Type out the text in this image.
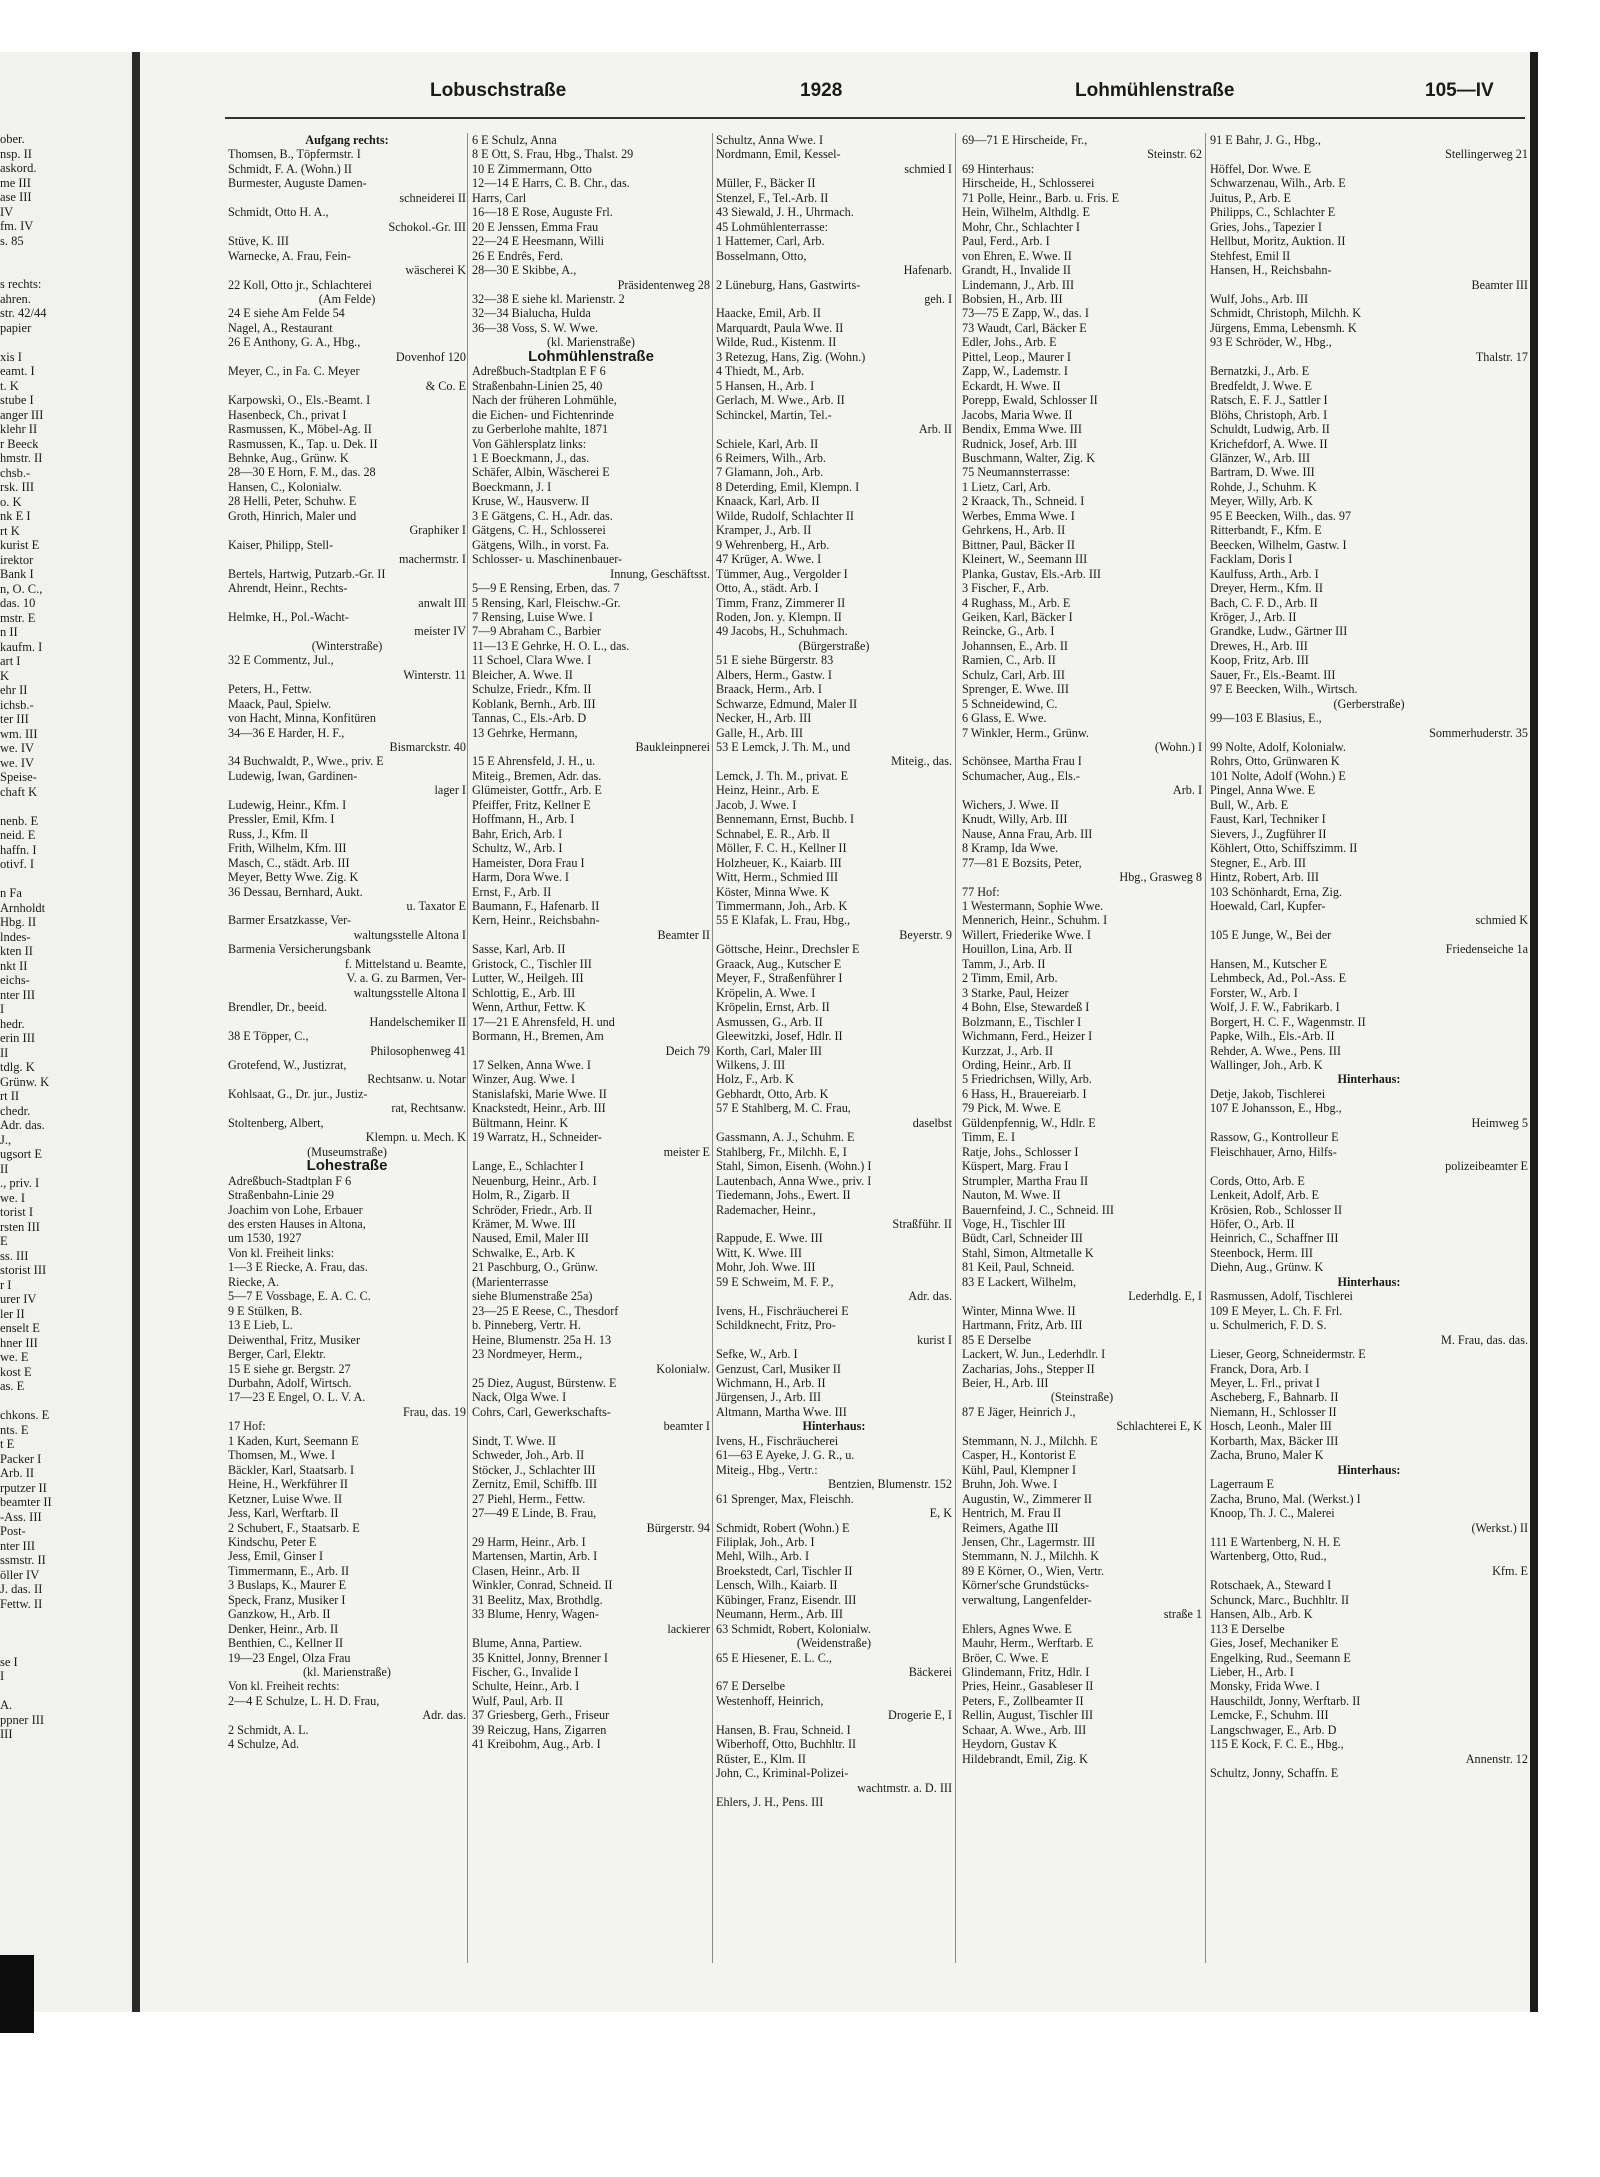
ober.
nsp. II
askord.
me III
ase III
IV
fm. IV
s. 85
s rechts:
ahren.
str. 42/44
papier
xis I
eamt. I
t. K
stube I
anger III
klehr II
r Beeck
hmstr. II
chsb.-
rsk. III
o. K
nk E I
rt K
kurist E
irektor
Bank I
n, O. C.,
das. 10
mstr. E
n II
kaufm. I
art I
K
ehr II
ichsb.-
ter III
wm. III
we. IV
we. IV
Speise-
chaft K
nenb. E
neid. E
haffn. I
otivf. I
n Fa
Arnholdt
Hbg. II
lndes-
kten II
nkt II
eichs-
nter III
I
hedr.
erin III
II
tdlg. K
Grünw. K
rt II
chedr.
Adr. das.
J.,
ugsort E
II
., priv. I
we. I
torist I
rsten III
E
ss. III
storist III
r I
urer IV
ler II
enselt E
hner III
we. E
kost E
as. E
chkons. E
nts. E
t E
Packer I
Arb. II
rputzer II
beamter II
-Ass. III
Post-
nter III
ssmstr. II
öller IV
J. das. II
Fettw. II
se I
I
A.
ppner III
III
Lobuschstraße	1928	Lohmühlenstraße	105—IV
Aufgang rechts:
Thomsen, B., Töpfermstr. I
Schmidt, F. A. (Wohn.) II
Burmester, Auguste Damen-
schneiderei II
Schmidt, Otto H. A.,
Schokol.-Gr. III
Stüve, K. III
Warnecke, A. Frau, Fein-
wäscherei K
22 Koll, Otto jr., Schlachterei
(Am Felde)
24 E siehe Am Felde 54
Nagel, A., Restaurant
26 E Anthony, G. A., Hbg.,
Dovenhof 120
Meyer, C., in Fa. C. Meyer
& Co. E
Karpowski, O., Els.-Beamt. I
Hasenbeck, Ch., privat I
Rasmussen, K., Möbel-Ag. II
Rasmussen, K., Tap. u. Dek. II
Behnke, Aug., Grünw. K
28—30 E Horn, F. M., das. 28
Hansen, C., Kolonialw.
28 Helli, Peter, Schuhw. E
Groth, Hinrich, Maler und
Graphiker I
Kaiser, Philipp, Stell-
machermstr. I
Bertels, Hartwig, Putzarb.-Gr. II
Ahrendt, Heinr., Rechts-
anwalt III
Helmke, H., Pol.-Wacht-
meister IV
(Winterstraße)
32 E Commentz, Jul.,
Winterstr. 11
Peters, H., Fettw.
Maack, Paul, Spielw.
von Hacht, Minna, Konfitüren
34—36 E Harder, H. F.,
Bismarckstr. 40
34 Buchwaldt, P., Wwe., priv. E
Ludewig, Iwan, Gardinen-
lager I
Ludewig, Heinr., Kfm. I
Pressler, Emil, Kfm. I
Russ, J., Kfm. II
Frith, Wilhelm, Kfm. III
Masch, C., städt. Arb. III
Meyer, Betty Wwe. Zig. K
36 Dessau, Bernhard, Aukt.
u. Taxator E
Barmer Ersatzkasse, Ver-
waltungsstelle Altona I
Barmenia Versicherungsbank
f. Mittelstand u. Beamte,
V. a. G. zu Barmen, Ver-
waltungsstelle Altona I
Brendler, Dr., beeid.
Handelschemiker II
38 E Töpper, C.,
Philosophenweg 41
Grotefend, W., Justizrat,
Rechtsanw. u. Notar
Kohlsaat, G., Dr. jur., Justiz-
rat, Rechtsanw.
Stoltenberg, Albert,
Klempn. u. Mech. K
(Museumstraße)
Lohestraße
Adreßbuch-Stadtplan F 6
Straßenbahn-Linie 29
Joachim von Lohe, Erbauer
des ersten Hauses in Altona,
um 1530, 1927
Von kl. Freiheit links:
1—3 E Riecke, A. Frau, das.
Riecke, A.
5—7 E Vossbage, E. A. C. C.
9 E Stülken, B.
13 E Lieb, L.
Deiwenthal, Fritz, Musiker
Berger, Carl, Elektr.
15 E siehe gr. Bergstr. 27
Durbahn, Adolf, Wirtsch.
17—23 E Engel, O. L. V. A.
Frau, das. 19
17 Hof:
1 Kaden, Kurt, Seemann E
Thomsen, M., Wwe. I
Bäckler, Karl, Staatsarb. I
Heine, H., Werkführer II
Ketzner, Luise Wwe. II
Jess, Karl, Werftarb. II
2 Schubert, F., Staatsarb. E
Kindschu, Peter E
Jess, Emil, Ginser I
Timmermann, E., Arb. II
3 Buslaps, K., Maurer E
Speck, Franz, Musiker I
Ganzkow, H., Arb. II
Denker, Heinr., Arb. II
Benthien, C., Kellner II
19—23 Engel, Olza Frau
(kl. Marienstraße)
Von kl. Freiheit rechts:
2—4 E Schulze, L. H. D. Frau,
Adr. das.
2 Schmidt, A. L.
4 Schulze, Ad.
6 E Schulz, Anna
8 E Ott, S. Frau, Hbg., Thalst. 29
10 E Zimmermann, Otto
12—14 E Harrs, C. B. Chr., das.
Harrs, Carl
16—18 E Rose, Auguste Frl.
20 E Jenssen, Emma Frau
22—24 E Heesmann, Willi
26 E Endrês, Ferd.
28—30 E Skibbe, A.,
Präsidentenweg 28
32—38 E siehe kl. Marienstr. 2
32—34 Bialucha, Hulda
36—38 Voss, S. W. Wwe.
(kl. Marienstraße)
Lohmühlenstraße
Adreßbuch-Stadtplan E F 6
Straßenbahn-Linien 25, 40
Nach der früheren Lohmühle,
die Eichen- und Fichtenrinde
zu Gerberlohe mahlte, 1871
Von Gählersplatz links:
1 E Boeckmann, J., das.
Schäfer, Albin, Wäscherei E
Boeckmann, J. I
Kruse, W., Hausverw. II
3 E Gätgens, C. H., Adr. das.
Gätgens, C. H., Schlosserei
Gätgens, Wilh., in vorst. Fa.
Schlosser- u. Maschinenbauer-
Innung, Geschäftsst.
5—9 E Rensing, Erben, das. 7
5 Rensing, Karl, Fleischw.-Gr.
7 Rensing, Luise Wwe. I
7—9 Abraham C., Barbier
11—13 E Gehrke, H. O. L., das.
11 Schoel, Clara Wwe. I
Bleicher, A. Wwe. II
Schulze, Friedr., Kfm. II
Koblank, Bernh., Arb. III
Tannas, C., Els.-Arb. D
13 Gehrke, Hermann,
Baukleinpnerei
15 E Ahrensfeld, J. H., u.
Miteig., Bremen, Adr. das.
Glümeister, Gottfr., Arb. E
Pfeiffer, Fritz, Kellner E
Hoffmann, H., Arb. I
Bahr, Erich, Arb. I
Schultz, W., Arb. I
Hameister, Dora Frau I
Harm, Dora Wwe. I
Ernst, F., Arb. II
Baumann, F., Hafenarb. II
Kern, Heinr., Reichsbahn-
Beamter II
Sasse, Karl, Arb. II
Gristock, C., Tischler III
Lutter, W., Heilgeh. III
Schlottig, E., Arb. III
Wenn, Arthur, Fettw. K
17—21 E Ahrensfeld, H. und
Bormann, H., Bremen, Am
Deich 79
17 Selken, Anna Wwe. I
Winzer, Aug. Wwe. I
Stanislafski, Marie Wwe. II
Knackstedt, Heinr., Arb. III
Bültmann, Heinr. K
19 Warratz, H., Schneider-
meister E
Lange, E., Schlachter I
Neuenburg, Heinr., Arb. I
Holm, R., Zigarb. II
Schröder, Friedr., Arb. II
Krämer, M. Wwe. III
Naused, Emil, Maler III
Schwalke, E., Arb. K
21 Paschburg, O., Grünw.
(Marienterrasse
siehe Blumenstraße 25a)
23—25 E Reese, C., Thesdorf
b. Pinneberg, Vertr. H.
Heine, Blumenstr. 25a H. 13
23 Nordmeyer, Herm.,
Kolonialw.
25 Diez, August, Bürstenw. E
Nack, Olga Wwe. I
Cohrs, Carl, Gewerkschafts-
beamter I
Sindt, T. Wwe. II
Schweder, Joh., Arb. II
Stöcker, J., Schlachter III
Zernitz, Emil, Schiffb. III
27 Piehl, Herm., Fettw.
27—49 E Linde, B. Frau,
Bürgerstr. 94
29 Harm, Heinr., Arb. I
Martensen, Martin, Arb. I
Clasen, Heinr., Arb. II
Winkler, Conrad, Schneid. II
31 Beelitz, Max, Brothdlg.
33 Blume, Henry, Wagen-
lackierer
Blume, Anna, Partiew.
35 Knittel, Jonny, Brenner I
Fischer, G., Invalide I
Schulte, Heinr., Arb. I
Wulf, Paul, Arb. II
37 Griesberg, Gerh., Friseur
39 Reiczug, Hans, Zigarren
41 Kreibohm, Aug., Arb. I
Schultz, Anna Wwe. I
Nordmann, Emil, Kessel-
schmied I
Müller, F., Bäcker II
Stenzel, F., Tel.-Arb. II
43 Siewald, J. H., Uhrmach.
45 Lohmühlenterrasse:
1 Hattemer, Carl, Arb.
Bosselmann, Otto,
Hafenarb.
2 Lüneburg, Hans, Gastwirts-
geh. I
Haacke, Emil, Arb. II
Marquardt, Paula Wwe. II
Wilde, Rud., Kistenm. II
3 Retezug, Hans, Zig. (Wohn.)
4 Thiedt, M., Arb.
5 Hansen, H., Arb. I
Gerlach, M. Wwe., Arb. II
Schinckel, Martin, Tel.-
Arb. II
Schiele, Karl, Arb. II
6 Reimers, Wilh., Arb.
7 Glamann, Joh., Arb.
8 Deterding, Emil, Klempn. I
Knaack, Karl, Arb. II
Wilde, Rudolf, Schlachter II
Kramper, J., Arb. II
9 Wehrenberg, H., Arb.
47 Krüger, A. Wwe. I
Tümmer, Aug., Vergolder I
Otto, A., städt. Arb. I
Timm, Franz, Zimmerer II
Roden, Jon. y. Klempn. II
49 Jacobs, H., Schuhmach.
(Bürgerstraße)
51 E siehe Bürgerstr. 83
Albers, Herm., Gastw. I
Braack, Herm., Arb. I
Schwarze, Edmund, Maler II
Necker, H., Arb. III
Galle, H., Arb. III
53 E Lemck, J. Th. M., und
Miteig., das.
Lemck, J. Th. M., privat. E
Heinz, Heinr., Arb. E
Jacob, J. Wwe. I
Bennemann, Ernst, Buchb. I
Schnabel, E. R., Arb. II
Möller, F. C. H., Kellner II
Holzheuer, K., Kaiarb. III
Witt, Herm., Schmied III
Köster, Minna Wwe. K
Timmermann, Joh., Arb. K
55 E Klafak, L. Frau, Hbg.,
Beyerstr. 9
Göttsche, Heinr., Drechsler E
Graack, Aug., Kutscher E
Meyer, F., Straßenführer I
Kröpelin, A. Wwe. I
Kröpelin, Ernst, Arb. II
Asmussen, G., Arb. II
Gleewitzki, Josef, Hdlr. II
Korth, Carl, Maler III
Wilkens, J. III
Holz, F., Arb. K
Gebhardt, Otto, Arb. K
57 E Stahlberg, M. C. Frau,
daselbst
Gassmann, A. J., Schuhm. E
Stahlberg, Fr., Milchh. E, I
Stahl, Simon, Eisenh. (Wohn.) I
Lautenbach, Anna Wwe., priv. I
Tiedemann, Johs., Ewert. II
Rademacher, Heinr.,
Straßführ. II
Rappude, E. Wwe. III
Witt, K. Wwe. III
Mohr, Joh. Wwe. III
59 E Schweim, M. F. P.,
Adr. das.
Ivens, H., Fischräucherei E
Schildknecht, Fritz, Pro-
kurist I
Sefke, W., Arb. I
Genzust, Carl, Musiker II
Wichmann, H., Arb. II
Jürgensen, J., Arb. III
Altmann, Martha Wwe. III
Hinterhaus:
Ivens, H., Fischräucherei
61—63 E Ayeke, J. G. R., u.
Miteig., Hbg., Vertr.:
Bentzien, Blumenstr. 152
61 Sprenger, Max, Fleischh.
E, K
Schmidt, Robert (Wohn.) E
Filiplak, Joh., Arb. I
Mehl, Wilh., Arb. I
Broekstedt, Carl, Tischler II
Lensch, Wilh., Kaiarb. II
Kübinger, Franz, Eisendr. III
Neumann, Herm., Arb. III
63 Schmidt, Robert, Kolonialw.
(Weidenstraße)
65 E Hiesener, E. L. C.,
Bäckerei
67 E Derselbe
Westenhoff, Heinrich,
Drogerie E, I
Hansen, B. Frau, Schneid. I
Wiberhoff, Otto, Buchhltr. II
Rüster, E., Klm. II
John, C., Kriminal-Polizei-
wachtmstr. a. D. III
Ehlers, J. H., Pens. III
69—71 E Hirscheide, Fr.,
Steinstr. 62
69 Hinterhaus:
Hirscheide, H., Schlosserei
71 Polle, Heinr., Barb. u. Fris. E
Hein, Wilhelm, Althdlg. E
Mohr, Chr., Schlachter I
Paul, Ferd., Arb. I
von Ehren, E. Wwe. II
Grandt, H., Invalide II
Lindemann, J., Arb. III
Bobsien, H., Arb. III
73—75 E Zapp, W., das. I
73 Waudt, Carl, Bäcker E
Edler, Johs., Arb. E
Pittel, Leop., Maurer I
Zapp, W., Lademstr. I
Eckardt, H. Wwe. II
Porepp, Ewald, Schlosser II
Jacobs, Maria Wwe. II
Bendix, Emma Wwe. III
Rudnick, Josef, Arb. III
Buschmann, Walter, Zig. K
75 Neumannsterrasse:
1 Lietz, Carl, Arb.
2 Kraack, Th., Schneid. I
Werbes, Emma Wwe. I
Gehrkens, H., Arb. II
Bittner, Paul, Bäcker II
Kleinert, W., Seemann III
Planka, Gustav, Els.-Arb. III
3 Fischer, F., Arb.
4 Rughass, M., Arb. E
Geiken, Karl, Bäcker I
Reincke, G., Arb. I
Johannsen, E., Arb. II
Ramien, C., Arb. II
Schulz, Carl, Arb. III
Sprenger, E. Wwe. III
5 Schneidewind, C.
6 Glass, E. Wwe.
7 Winkler, Herm., Grünw.
(Wohn.) I
Schönsee, Martha Frau I
Schumacher, Aug., Els.-
Arb. I
Wichers, J. Wwe. II
Knudt, Willy, Arb. III
Nause, Anna Frau, Arb. III
8 Kramp, Ida Wwe.
77—81 E Bozsits, Peter,
Hbg., Grasweg 8
77 Hof:
1 Westermann, Sophie Wwe.
Mennerich, Heinr., Schuhm. I
Willert, Friederike Wwe. I
Houillon, Lina, Arb. II
Tamm, J., Arb. II
2 Timm, Emil, Arb.
3 Starke, Paul, Heizer
4 Bohn, Else, Stewardeß I
Bolzmann, E., Tischler I
Wichmann, Ferd., Heizer I
Kurzzat, J., Arb. II
Ording, Heinr., Arb. II
5 Friedrichsen, Willy, Arb.
6 Hass, H., Brauereiarb. I
79 Pick, M. Wwe. E
Güldenpfennig, W., Hdlr. E
Timm, E. I
Ratje, Johs., Schlosser I
Küspert, Marg. Frau I
Strumpler, Martha Frau II
Nauton, M. Wwe. II
Bauernfeind, J. C., Schneid. III
Voge, H., Tischler III
Büdt, Carl, Schneider III
Stahl, Simon, Altmetalle K
81 Keil, Paul, Schneid.
83 E Lackert, Wilhelm,
Lederhdlg. E, I
Winter, Minna Wwe. II
Hartmann, Fritz, Arb. III
85 E Derselbe
Lackert, W. Jun., Lederhdlr. I
Zacharias, Johs., Stepper II
Beier, H., Arb. III
(Steinstraße)
87 E Jäger, Heinrich J.,
Schlachterei E, K
Stemmann, N. J., Milchh. E
Casper, H., Kontorist E
Kühl, Paul, Klempner I
Bruhn, Joh. Wwe. I
Augustin, W., Zimmerer II
Hentrich, M. Frau II
Reimers, Agathe III
Jensen, Chr., Lagermstr. III
Stemmann, N. J., Milchh. K
89 E Körner, O., Wien, Vertr.
Körner'sche Grundstücks-
verwaltung, Langenfelder-
straße 1
Ehlers, Agnes Wwe. E
Mauhr, Herm., Werftarb. E
Bröer, C. Wwe. E
Glindemann, Fritz, Hdlr. I
Pries, Heinr., Gasableser II
Peters, F., Zollbeamter II
Rellin, August, Tischler III
Schaar, A. Wwe., Arb. III
Heydorn, Gustav K
Hildebrandt, Emil, Zig. K
91 E Bahr, J. G., Hbg.,
Stellingerweg 21
Höffel, Dor. Wwe. E
Schwarzenau, Wilh., Arb. E
Juitus, P., Arb. E
Philipps, C., Schlachter E
Gries, Johs., Tapezier I
Hellbut, Moritz, Auktion. II
Stehfest, Emil II
Hansen, H., Reichsbahn-
Beamter III
Wulf, Johs., Arb. III
Schmidt, Christoph, Milchh. K
Jürgens, Emma, Lebensmh. K
93 E Schröder, W., Hbg.,
Thalstr. 17
Bernatzki, J., Arb. E
Bredfeldt, J. Wwe. E
Ratsch, E. F. J., Sattler I
Blöhs, Christoph, Arb. I
Schuldt, Ludwig, Arb. II
Krichefdorf, A. Wwe. II
Glänzer, W., Arb. III
Bartram, D. Wwe. III
Rohde, J., Schuhm. K
Meyer, Willy, Arb. K
95 E Beecken, Wilh., das. 97
Ritterbandt, F., Kfm. E
Beecken, Wilhelm, Gastw. I
Facklam, Doris I
Kaulfuss, Arth., Arb. I
Dreyer, Herm., Kfm. II
Bach, C. F. D., Arb. II
Kröger, J., Arb. II
Grandke, Ludw., Gärtner III
Drewes, H., Arb. III
Koop, Fritz, Arb. III
Sauer, Fr., Els.-Beamt. III
97 E Beecken, Wilh., Wirtsch.
(Gerberstraße)
99—103 E Blasius, E.,
Sommerhuderstr. 35
99 Nolte, Adolf, Kolonialw.
Rohrs, Otto, Grünwaren K
101 Nolte, Adolf (Wohn.) E
Pingel, Anna Wwe. E
Bull, W., Arb. E
Faust, Karl, Techniker I
Sievers, J., Zugführer II
Köhlert, Otto, Schiffszimm. II
Stegner, E., Arb. III
Hintz, Robert, Arb. III
103 Schönhardt, Erna, Zig.
Hoewald, Carl, Kupfer-
schmied K
105 E Junge, W., Bei der
Friedenseiche 1a
Hansen, M., Kutscher E
Lehmbeck, Ad., Pol.-Ass. E
Forster, W., Arb. I
Wolf, J. F. W., Fabrikarb. I
Borgert, H. C. F., Wagenmstr. II
Papke, Wilh., Els.-Arb. II
Rehder, A. Wwe., Pens. III
Wallinger, Joh., Arb. K
Hinterhaus:
Detje, Jakob, Tischlerei
107 E Johansson, E., Hbg.,
Heimweg 5
Rassow, G., Kontrolleur E
Fleischhauer, Arno, Hilfs-
polizeibeamter E
Cords, Otto, Arb. E
Lenkeit, Adolf, Arb. E
Krösien, Rob., Schlosser II
Höfer, O., Arb. II
Heinrich, C., Schaffner III
Steenbock, Herm. III
Diehn, Aug., Grünw. K
Hinterhaus:
Rasmussen, Adolf, Tischlerei
109 E Meyer, L. Ch. F. Frl.
u. Schulmerich, F. D. S.
M. Frau, das. das.
Lieser, Georg, Schneidermstr. E
Franck, Dora, Arb. I
Meyer, L. Frl., privat I
Ascheberg, F., Bahnarb. II
Niemann, H., Schlosser II
Hosch, Leonh., Maler III
Korbarth, Max, Bäcker III
Zacha, Bruno, Maler K
Hinterhaus:
Lagerraum E
Zacha, Bruno, Mal. (Werkst.) I
Knoop, Th. J. C., Malerei
(Werkst.) II
111 E Wartenberg, N. H. E
Wartenberg, Otto, Rud.,
Kfm. E
Rotschaek, A., Steward I
Schunck, Marc., Buchhltr. II
Hansen, Alb., Arb. K
113 E Derselbe
Gies, Josef, Mechaniker E
Engelking, Rud., Seemann E
Lieber, H., Arb. I
Monsky, Frida Wwe. I
Hauschildt, Jonny, Werftarb. II
Lemcke, F., Schuhm. III
Langschwager, E., Arb. D
115 E Kock, F. C. E., Hbg.,
Annenstr. 12
Schultz, Jonny, Schaffn. E
